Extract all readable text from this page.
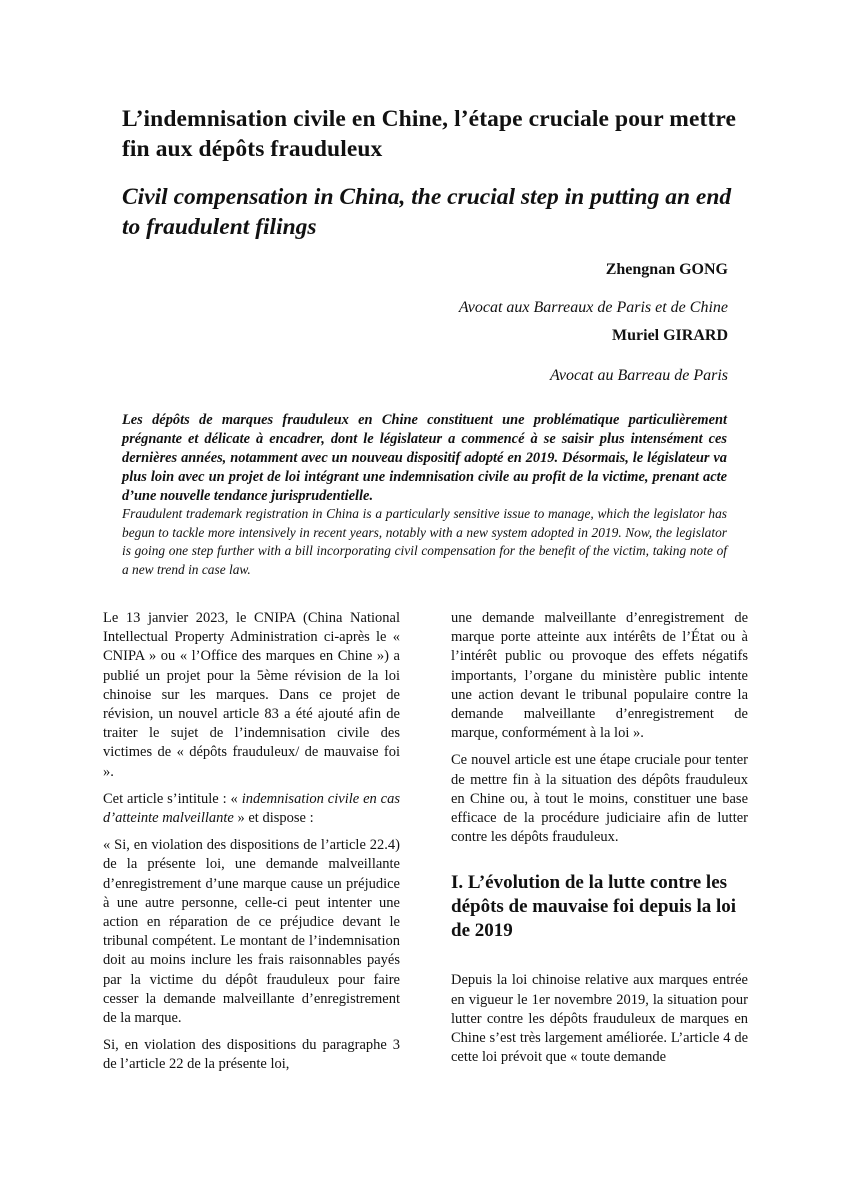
L’indemnisation civile en Chine, l’étape cruciale pour mettre fin aux dépôts frauduleux
Civil compensation in China, the crucial step in putting an end to fraudulent filings
Zhengnan GONG
Avocat aux Barreaux de Paris et de Chine
Muriel GIRARD
Avocat au Barreau de Paris

Les dépôts de marques frauduleux en Chine constituent une problématique particulièrement prégnante et délicate à encadrer, dont le législateur a commencé à se saisir plus intensément ces dernières années, notamment avec un nouveau dispositif adopté en 2019. Désormais, le législateur va plus loin avec un projet de loi intégrant une indemnisation civile au profit de la victime, prenant acte d’une nouvelle tendance jurisprudentielle.

Fraudulent trademark registration in China is a particularly sensitive issue to manage, which the legislator has begun to tackle more intensively in recent years, notably with a new system adopted in 2019. Now, the legislator is going one step further with a bill incorporating civil compensation for the benefit of the victim, taking note of a new trend in case law.

Le 13 janvier 2023, le CNIPA (China National Intellectual Property Administration ci-après le « CNIPA » ou « l’Office des marques en Chine ») a publié un projet pour la 5ème révision de la loi chinoise sur les marques. Dans ce projet de révision, un nouvel article 83 a été ajouté afin de traiter le sujet de l’indemnisation civile des victimes de « dépôts frauduleux/ de mauvaise foi ».

Cet article s’intitule : « indemnisation civile en cas d’atteinte malveillante » et dispose :

« Si, en violation des dispositions de l’article 22.4) de la présente loi, une demande malveillante d’enregistrement d’une marque cause un préjudice à une autre personne, celle-ci peut intenter une action en réparation de ce préjudice devant le tribunal compétent. Le montant de l’indemnisation doit au moins inclure les frais raisonnables payés par la victime du dépôt frauduleux pour faire cesser la demande malveillante d’enregistrement de la marque.

Si, en violation des dispositions du paragraphe 3 de l’article 22 de la présente loi,

une demande malveillante d’enregistrement de marque porte atteinte aux intérêts de l’État ou à l’intérêt public ou provoque des effets négatifs importants, l’organe du ministère public intente une action devant le tribunal populaire contre la demande malveillante d’enregistrement de marque, conformément à la loi ».

Ce nouvel article est une étape cruciale pour tenter de mettre fin à la situation des dépôts frauduleux en Chine ou, à tout le moins, constituer une base efficace de la procédure judiciaire afin de lutter contre les dépôts frauduleux.

I. L’évolution de la lutte contre les dépôts de mauvaise foi depuis la loi de 2019

Depuis la loi chinoise relative aux marques entrée en vigueur le 1er novembre 2019, la situation pour lutter contre les dépôts frauduleux de marques en Chine s’est très largement améliorée. L’article 4 de cette loi prévoit que « toute demande
